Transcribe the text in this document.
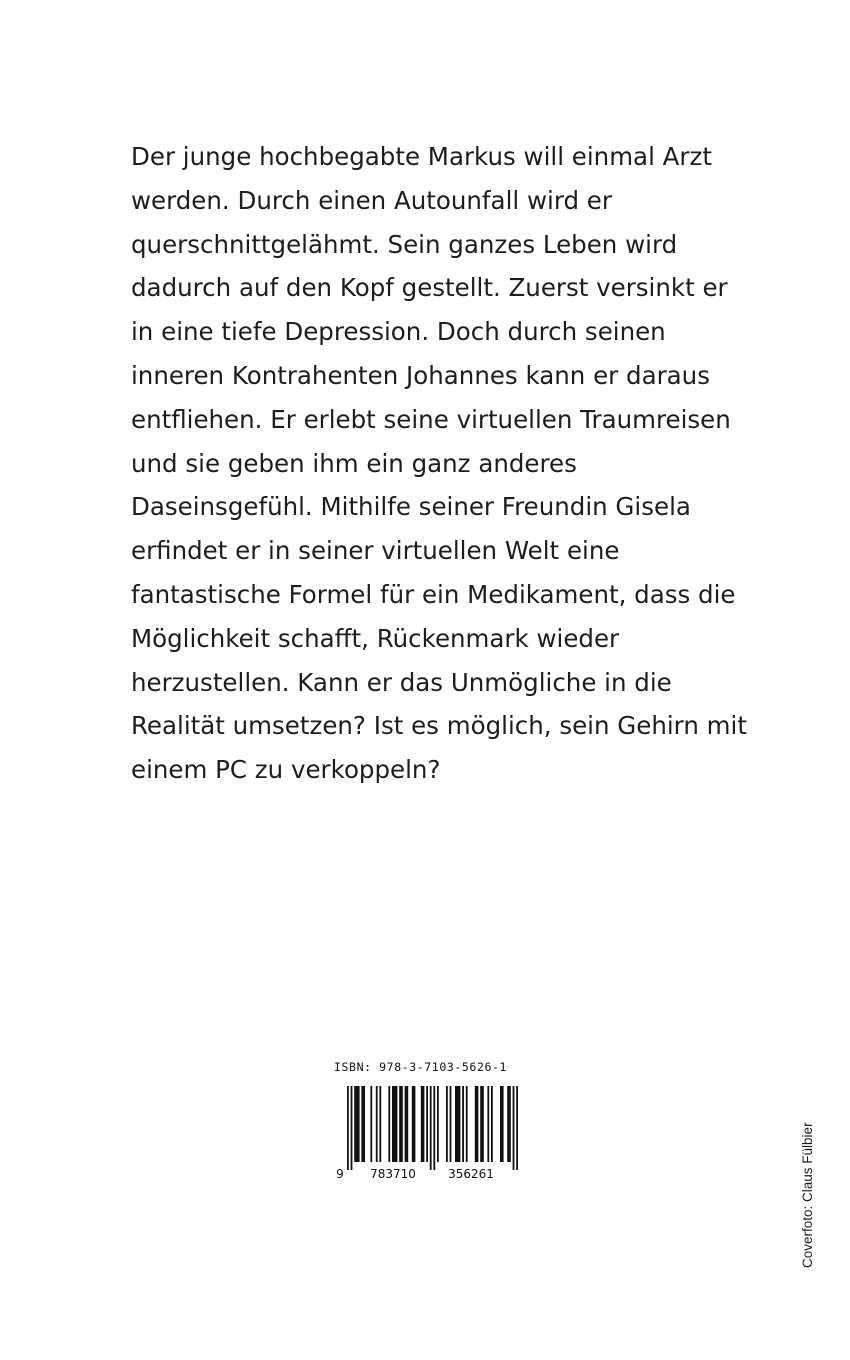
Der junge hochbegabte Markus will einmal Arzt
werden. Durch einen Autounfall wird er
querschnittgelähmt. Sein ganzes Leben wird
dadurch auf den Kopf gestellt. Zuerst versinkt er
in eine tiefe Depression. Doch durch seinen
inneren Kontrahenten Johannes kann er daraus
entfliehen. Er erlebt seine virtuellen Traumreisen
und sie geben ihm ein ganz anderes
Daseinsgefühl. Mithilfe seiner Freundin Gisela
erfindet er in seiner virtuellen Welt eine
fantastische Formel für ein Medikament, dass die
Möglichkeit schafft, Rückenmark wieder
herzustellen. Kann er das Unmögliche in die
Realität umsetzen? Ist es möglich, sein Gehirn mit
einem PC zu verkoppeln?
ISBN: 978-3-7103-5626-1
9 783710	356261	Coverfoto: Claus Fülbier
